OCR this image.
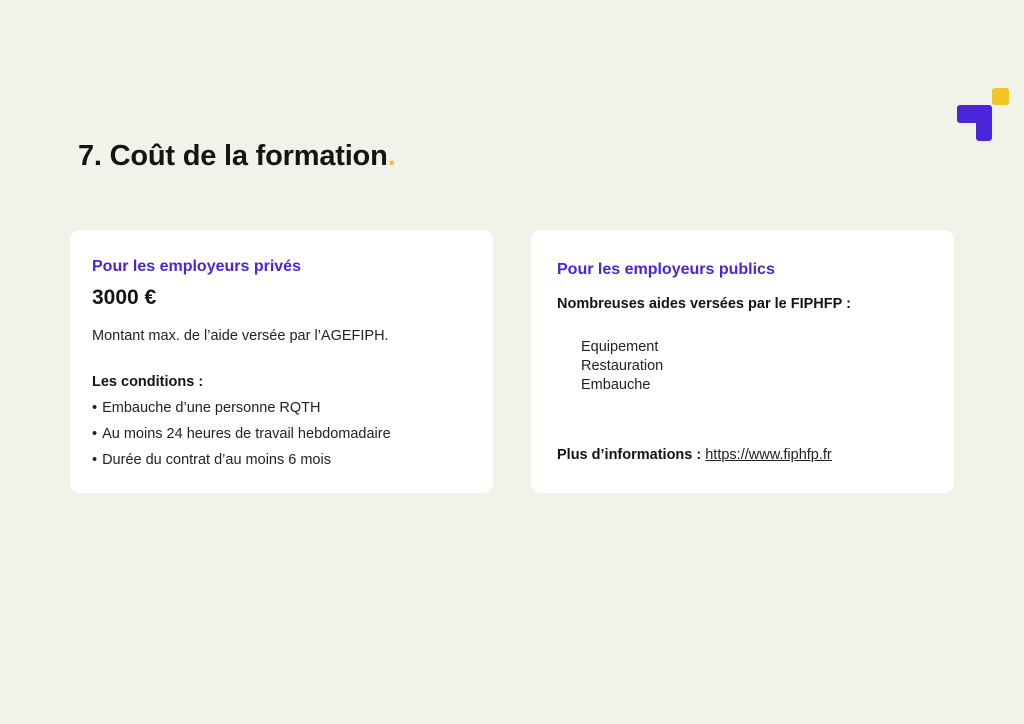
7. Coût de la formation.
Pour les employeurs privés
3000 €
Montant max. de l’aide versée par l’AGEFIPH.
Les conditions :
• Embauche d’une personne RQTH
• Au moins 24 heures de travail hebdomadaire
• Durée du contrat d’au moins 6 mois
Pour les employeurs publics
Nombreuses aides versées par le FIPHFP :
Equipement
Restauration
Embauche
Plus d’informations : https://www.fiphfp.fr
